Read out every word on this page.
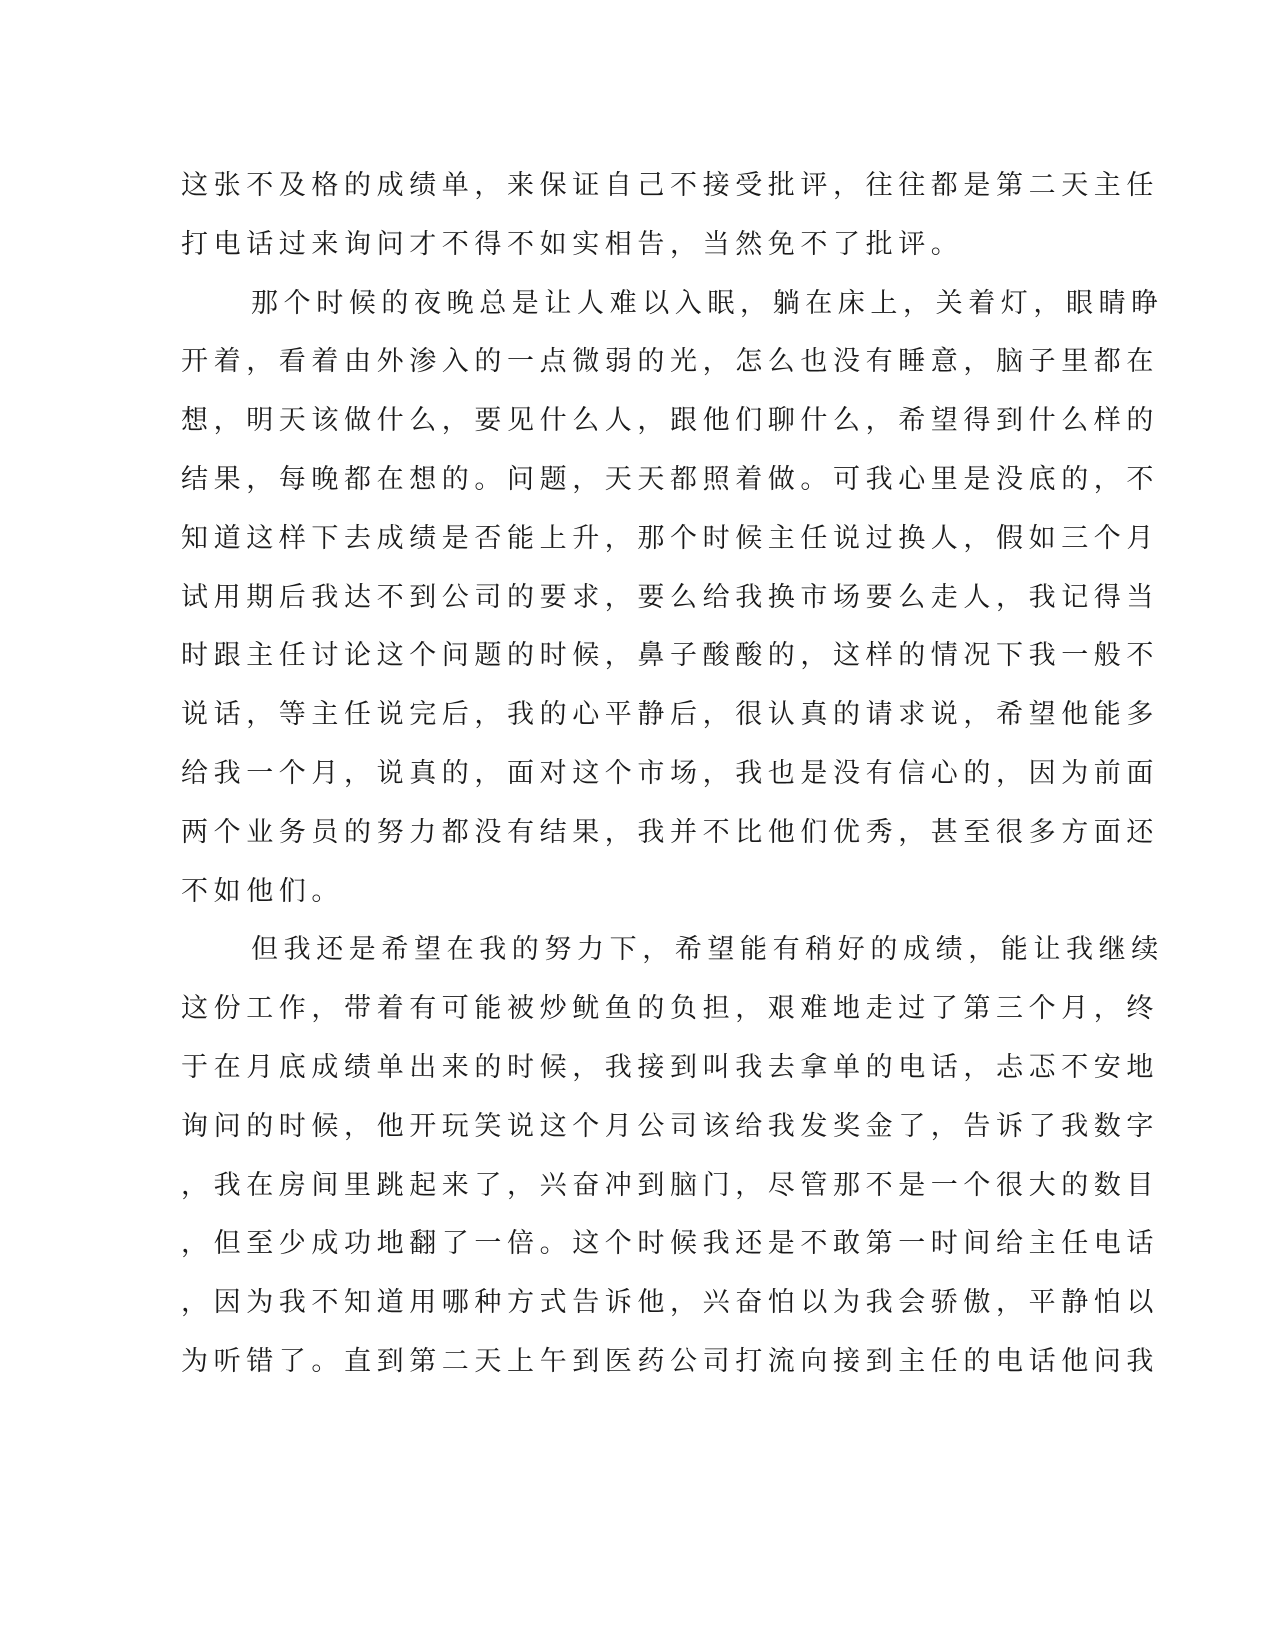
这张不及格的成绩单，来保证自己不接受批评，往往都是第二天主任
打电话过来询问才不得不如实相告，当然免不了批评。
那个时候的夜晚总是让人难以入眠，躺在床上，关着灯，眼睛睁
开着，看着由外渗入的一点微弱的光，怎么也没有睡意，脑子里都在
想，明天该做什么，要见什么人，跟他们聊什么，希望得到什么样的
结果，每晚都在想的。问题，天天都照着做。可我心里是没底的，不
知道这样下去成绩是否能上升，那个时候主任说过换人，假如三个月
试用期后我达不到公司的要求，要么给我换市场要么走人，我记得当
时跟主任讨论这个问题的时候，鼻子酸酸的，这样的情况下我一般不
说话，等主任说完后，我的心平静后，很认真的请求说，希望他能多
给我一个月，说真的，面对这个市场，我也是没有信心的，因为前面
两个业务员的努力都没有结果，我并不比他们优秀，甚至很多方面还
不如他们。
但我还是希望在我的努力下，希望能有稍好的成绩，能让我继续
这份工作，带着有可能被炒鱿鱼的负担，艰难地走过了第三个月，终
于在月底成绩单出来的时候，我接到叫我去拿单的电话，忐忑不安地
询问的时候，他开玩笑说这个月公司该给我发奖金了，告诉了我数字
，我在房间里跳起来了，兴奋冲到脑门，尽管那不是一个很大的数目
，但至少成功地翻了一倍。这个时候我还是不敢第一时间给主任电话
，因为我不知道用哪种方式告诉他，兴奋怕以为我会骄傲，平静怕以
为听错了。直到第二天上午到医药公司打流向接到主任的电话他问我
